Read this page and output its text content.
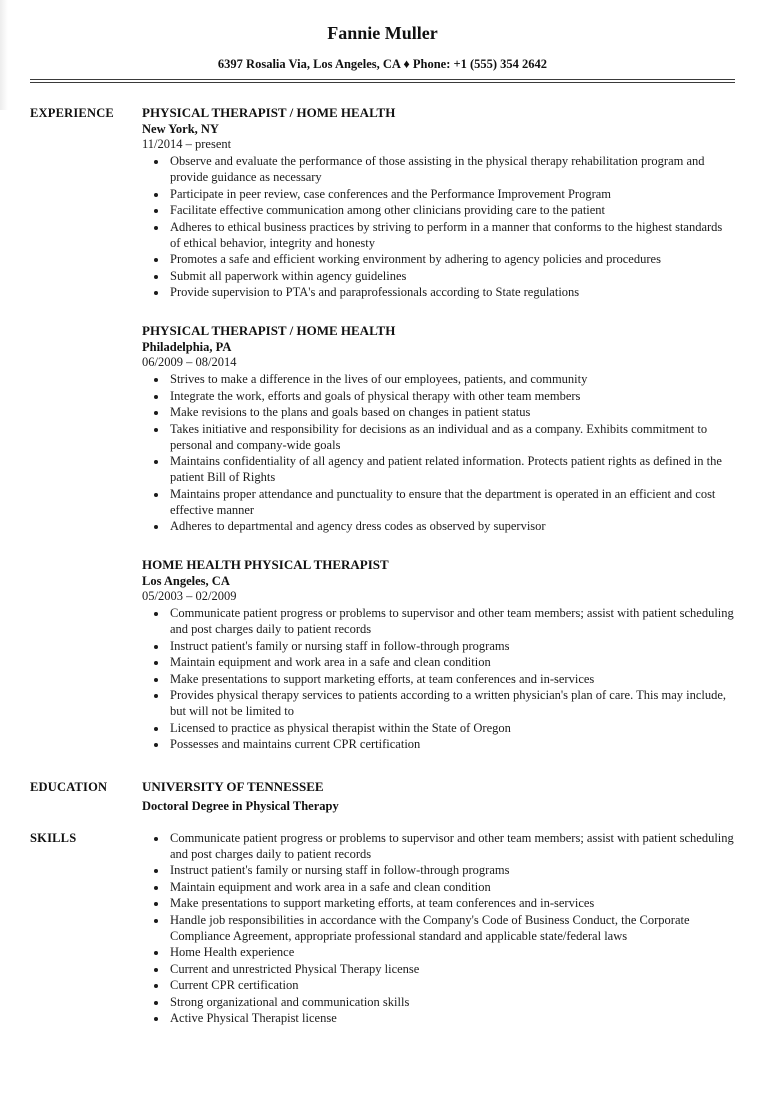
Fannie Muller
6397 Rosalia Via, Los Angeles, CA ♦ Phone: +1 (555) 354 2642
EXPERIENCE	PHYSICAL THERAPIST / HOME HEALTH
New York, NY
11/2014 – present
• Observe and evaluate the performance of those assisting in the physical therapy rehabilitation program and provide guidance as necessary
• Participate in peer review, case conferences and the Performance Improvement Program
• Facilitate effective communication among other clinicians providing care to the patient
• Adheres to ethical business practices by striving to perform in a manner that conforms to the highest standards of ethical behavior, integrity and honesty
• Promotes a safe and efficient working environment by adhering to agency policies and procedures
• Submit all paperwork within agency guidelines
• Provide supervision to PTA's and paraprofessionals according to State regulations
PHYSICAL THERAPIST / HOME HEALTH
Philadelphia, PA
06/2009 – 08/2014
• Strives to make a difference in the lives of our employees, patients, and community
• Integrate the work, efforts and goals of physical therapy with other team members
• Make revisions to the plans and goals based on changes in patient status
• Takes initiative and responsibility for decisions as an individual and as a company. Exhibits commitment to personal and company-wide goals
• Maintains confidentiality of all agency and patient related information. Protects patient rights as defined in the patient Bill of Rights
• Maintains proper attendance and punctuality to ensure that the department is operated in an efficient and cost effective manner
• Adheres to departmental and agency dress codes as observed by supervisor
HOME HEALTH PHYSICAL THERAPIST
Los Angeles, CA
05/2003 – 02/2009
• Communicate patient progress or problems to supervisor and other team members; assist with patient scheduling and post charges daily to patient records
• Instruct patient's family or nursing staff in follow-through programs
• Maintain equipment and work area in a safe and clean condition
• Make presentations to support marketing efforts, at team conferences and in-services
• Provides physical therapy services to patients according to a written physician's plan of care. This may include, but will not be limited to
• Licensed to practice as physical therapist within the State of Oregon
• Possesses and maintains current CPR certification
EDUCATION	UNIVERSITY OF TENNESSEE
Doctoral Degree in Physical Therapy
SKILLS	• Communicate patient progress or problems to supervisor and other team members; assist with patient scheduling and post charges daily to patient records
• Instruct patient's family or nursing staff in follow-through programs
• Maintain equipment and work area in a safe and clean condition
• Make presentations to support marketing efforts, at team conferences and in-services
• Handle job responsibilities in accordance with the Company's Code of Business Conduct, the Corporate Compliance Agreement, appropriate professional standard and applicable state/federal laws
• Home Health experience
• Current and unrestricted Physical Therapy license
• Current CPR certification
• Strong organizational and communication skills
• Active Physical Therapist license
